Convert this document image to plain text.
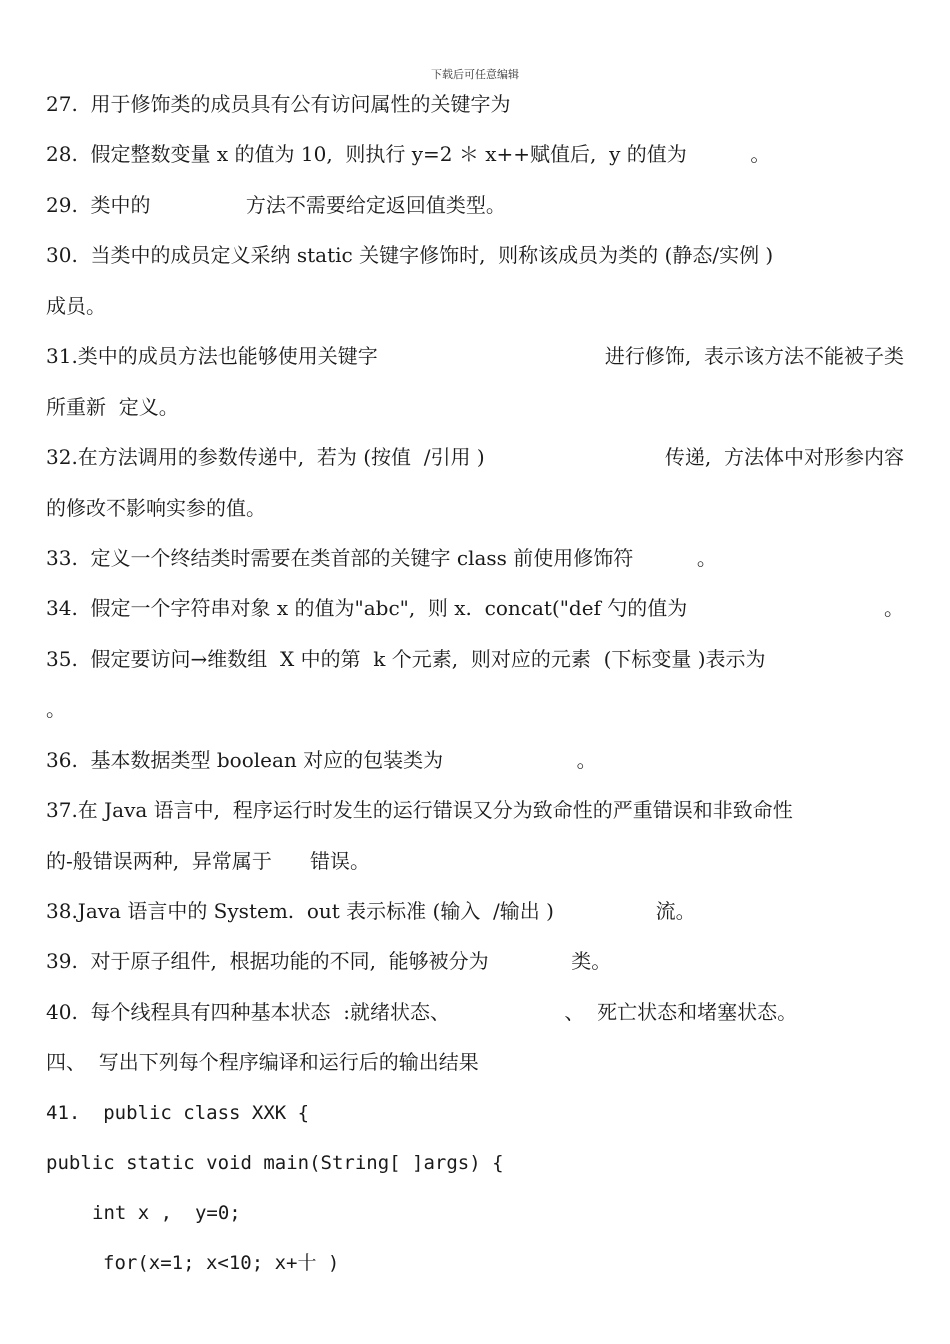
下载后可任意编辑
27.  用于修饰类的成员具有公有访问属性的关键字为
28.  假定整数变量 x 的值为 10,  则执行 y=2 ＊ x++赋值后,  y 的值为          。
29.  类中的               方法不需要给定返回值类型。
30.  当类中的成员定义采纳 static 关键字修饰时,  则称该成员为类的 (静态/实例 )
成员。
31.类中的成员方法也能够使用关键字	进行修饰,  表示该方法不能被子类
所重新  定义。
32.在方法调用的参数传递中,  若为 (按值  /引用 )	传递,  方法体中对形参内容
的修改不影响实参的值。
33.  定义一个终结类时需要在类首部的关键字 class 前使用修饰符          。
34.  假定一个字符串对象 x 的值为"abc",  则 x.  concat("def 勺的值为	。
35.  假定要访问→维数组  X 中的第  k 个元素,  则对应的元素  (下标变量 )表示为
。
36.  基本数据类型 boolean 对应的包装类为                     。
37.在 Java 语言中,  程序运行时发生的运行错误又分为致命性的严重错误和非致命性
的-般错误两种,  异常属于      错误。
38.Java 语言中的 System.  out 表示标准 (输入  /输出 )                流。
39.  对于原子组件,  根据功能的不同,  能够被分为             类。
40.  每个线程具有四种基本状态  :就绪状态、                  、  死亡状态和堵塞状态。
四、  写出下列每个程序编译和运行后的输出结果
41.  public class XXK {
public static void main(String[ ]args) {
int x ,  y=0;
for(x=1; x<10; x+十 )
